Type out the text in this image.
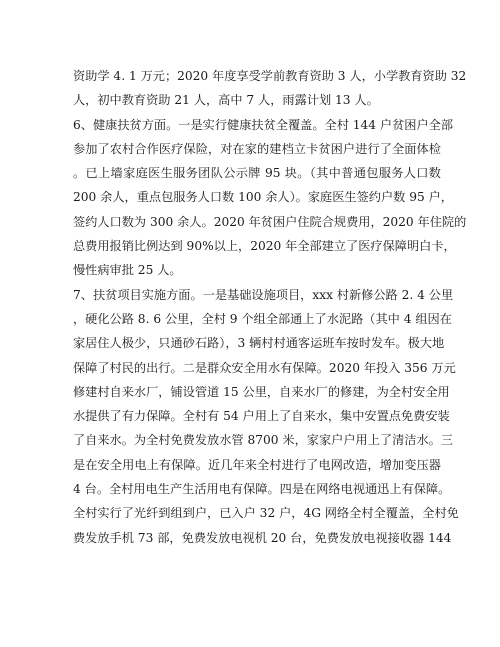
资助学 4. 1 万元；2020 年度享受学前教育资助 3 人，小学教育资助 32
人，初中教育资助 21 人，高中 7 人，雨露计划 13 人。
6、健康扶贫方面。一是实行健康扶贫全覆盖。全村 144 户贫困户全部
参加了农村合作医疗保险，对在家的建档立卡贫困户进行了全面体检
。已上墙家庭医生服务团队公示牌 95 块。（其中普通包服务人口数
200 余人，重点包服务人口数 100 余人）。家庭医生签约户数 95 户，
签约人口数为 300 余人。2020 年贫困户住院合规费用，2020 年住院的
总费用报销比例达到 90%以上，2020 年全部建立了医疗保障明白卡，
慢性病审批 25 人。
7、扶贫项目实施方面。一是基础设施项目，xxx 村新修公路 2. 4 公里
，硬化公路 8. 6 公里，全村 9 个组全部通上了水泥路（其中 4 组因在
家居住人极少，只通砂石路），3 辆村村通客运班车按时发车。极大地
保障了村民的出行。二是群众安全用水有保障。2020 年投入 356 万元
修建村自来水厂，铺设管道 15 公里，自来水厂的修建，为全村安全用
水提供了有力保障。全村有 54 户用上了自来水，集中安置点免费安装
了自来水。为全村免费发放水管 8700 米，家家户户用上了清洁水。三
是在安全用电上有保障。近几年来全村进行了电网改造，增加变压器
4 台。全村用电生产生活用电有保障。四是在网络电视通迅上有保障。
全村实行了光纤到组到户，已入户 32 户，4G 网络全村全覆盖，全村免
费发放手机 73 部，免费发放电视机 20 台，免费发放电视接收器 144
